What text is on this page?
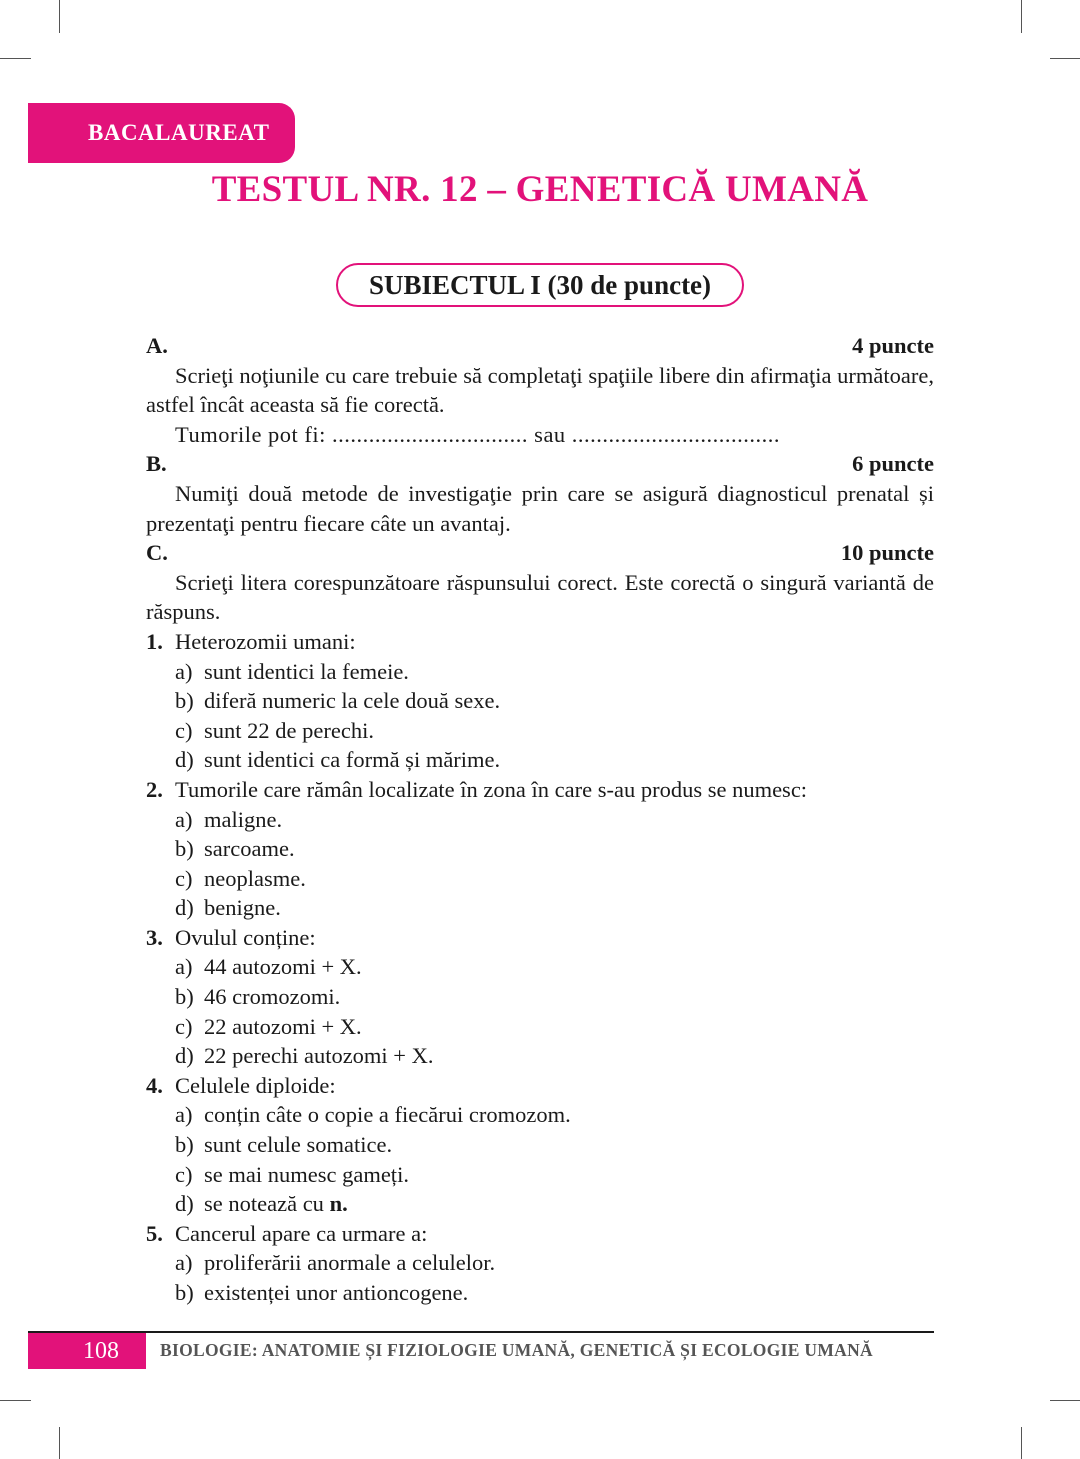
BACALAUREAT
TESTUL NR. 12 – GENETICĂ UMANĂ
SUBIECTUL I (30 de puncte)
A.	4 puncte
Scrieţi noţiunile cu care trebuie să completaţi spaţiile libere din afirmaţia următoare, astfel încât aceasta să fie corectă.
Tumorile pot fi: ................................ sau ..................................
B.	6 puncte
Numiţi două metode de investigaţie prin care se asigură diagnosticul prenatal și prezentaţi pentru fiecare câte un avantaj.
C.	10 puncte
Scrieţi litera corespunzătoare răspunsului corect. Este corectă o singură variantă de răspuns.
1. Heterozomii umani:
a) sunt identici la femeie.
b) diferă numeric la cele două sexe.
c) sunt 22 de perechi.
d) sunt identici ca formă și mărime.
2. Tumorile care rămân localizate în zona în care s-au produs se numesc:
a) maligne.
b) sarcoame.
c) neoplasme.
d) benigne.
3. Ovulul conține:
a) 44 autozomi + X.
b) 46 cromozomi.
c) 22 autozomi + X.
d) 22 perechi autozomi + X.
4. Celulele diploide:
a) conțin câte o copie a fiecărui cromozom.
b) sunt celule somatice.
c) se mai numesc gameți.
d) se notează cu n.
5. Cancerul apare ca urmare a:
a) proliferării anormale a celulelor.
b) existenței unor antioncogene.
108 BIOLOGIE: ANATOMIE ȘI FIZIOLOGIE UMANĂ, GENETICĂ ȘI ECOLOGIE UMANĂ
